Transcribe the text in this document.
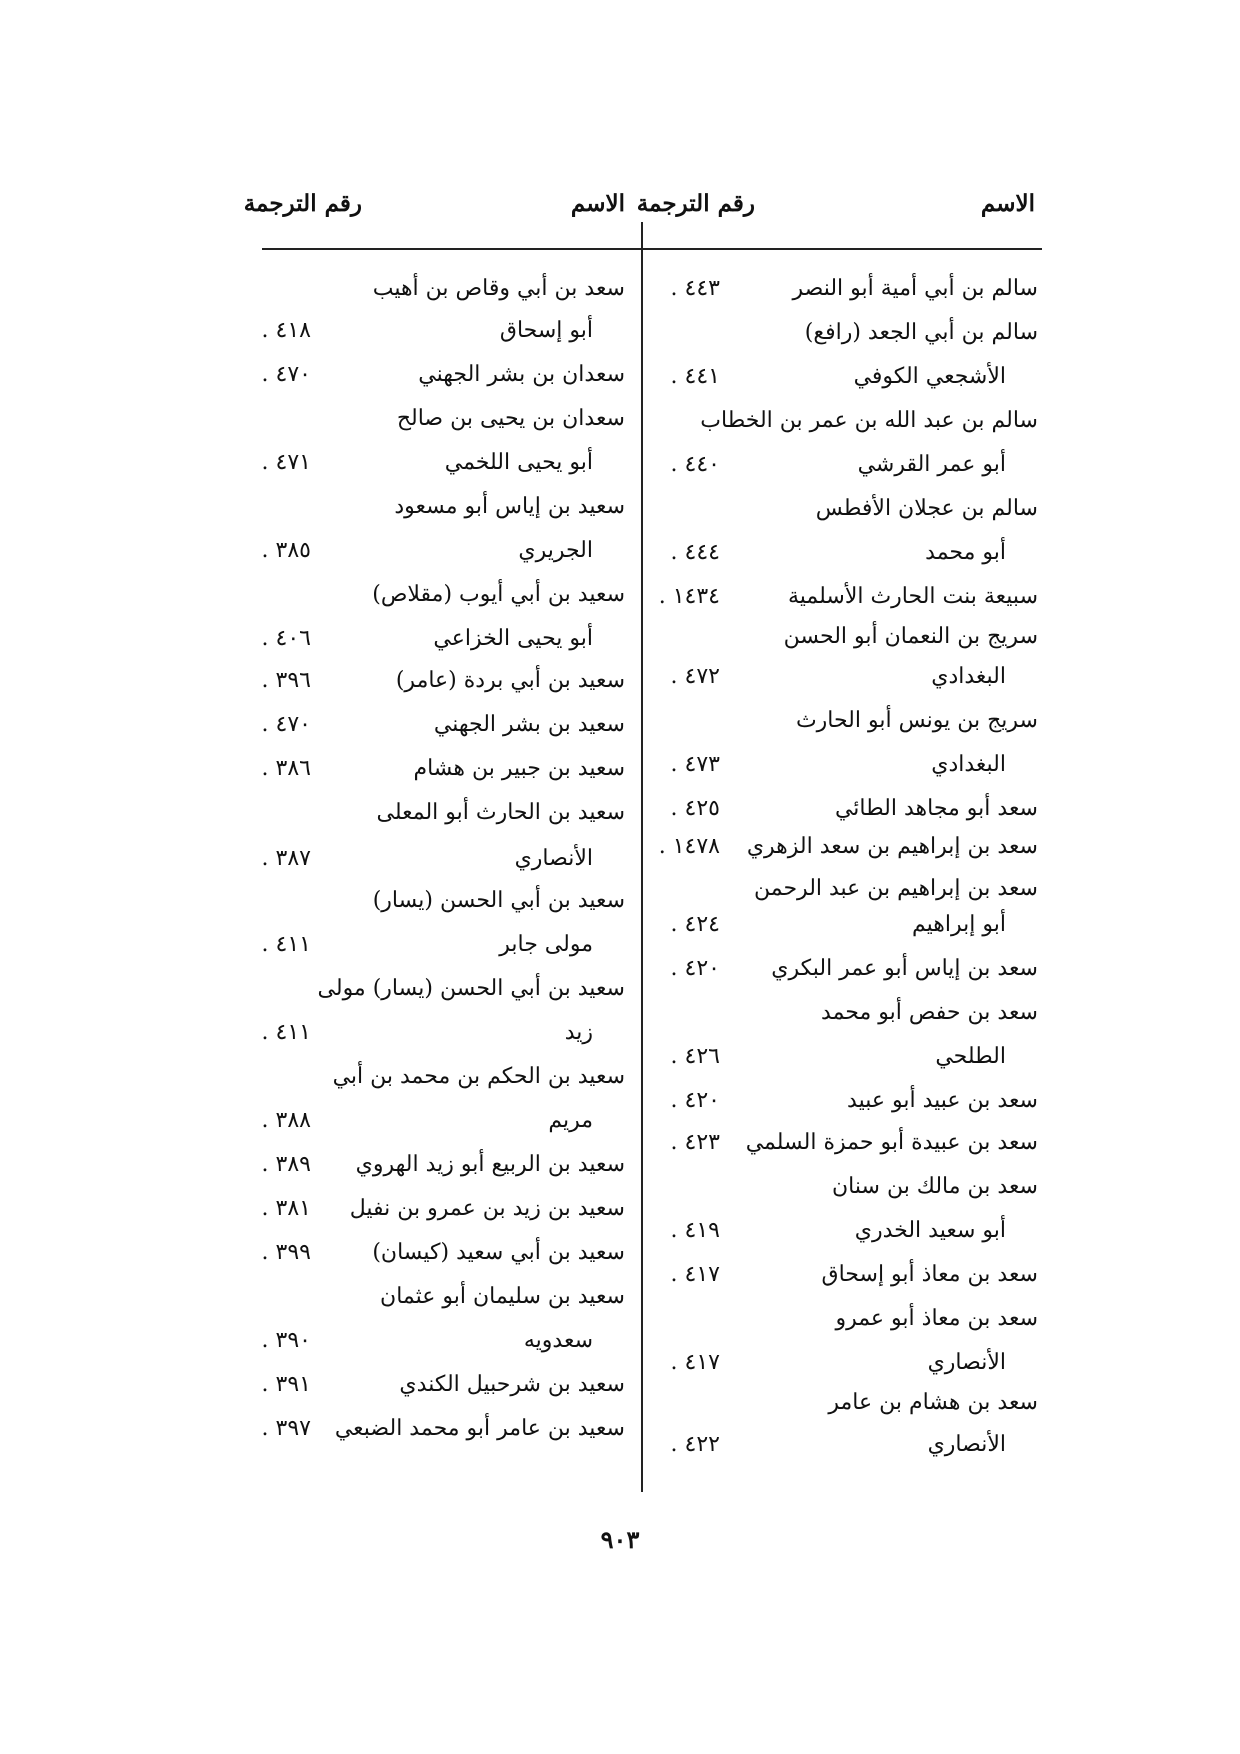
الاسم
رقم الترجمة
الاسم
رقم الترجمة
سالم بن أبي أمية أبو النصر
٤٤٣ .
سالم بن أبي الجعد (رافع)
الأشجعي الكوفي
٤٤١ .
سالم بن عبد الله بن عمر بن الخطاب
أبو عمر القرشي
٤٤٠ .
سالم بن عجلان الأفطس
أبو محمد
٤٤٤ .
سبيعة بنت الحارث الأسلمية
١٤٣٤ .
سريج بن النعمان أبو الحسن
البغدادي
٤٧٢ .
سريج بن يونس أبو الحارث
البغدادي
٤٧٣ .
سعد أبو مجاهد الطائي
٤٢٥ .
سعد بن إبراهيم بن سعد الزهري
١٤٧٨ .
سعد بن إبراهيم بن عبد الرحمن
أبو إبراهيم
٤٢٤ .
سعد بن إياس أبو عمر البكري
٤٢٠ .
سعد بن حفص أبو محمد
الطلحي
٤٢٦ .
سعد بن عبيد أبو عبيد
٤٢٠ .
سعد بن عبيدة أبو حمزة السلمي
٤٢٣ .
سعد بن مالك بن سنان
أبو سعيد الخدري
٤١٩ .
سعد بن معاذ أبو إسحاق
٤١٧ .
سعد بن معاذ أبو عمرو
الأنصاري
٤١٧ .
سعد بن هشام بن عامر
الأنصاري
٤٢٢ .
سعد بن أبي وقاص بن أهيب
أبو إسحاق
٤١٨ .
سعدان بن بشر الجهني
٤٧٠ .
سعدان بن يحيى بن صالح
أبو يحيى اللخمي
٤٧١ .
سعيد بن إياس أبو مسعود
الجريري
٣٨٥ .
سعيد بن أبي أيوب (مقلاص)
أبو يحيى الخزاعي
٤٠٦ .
سعيد بن أبي بردة (عامر)
٣٩٦ .
سعيد بن بشر الجهني
٤٧٠ .
سعيد بن جبير بن هشام
٣٨٦ .
سعيد بن الحارث أبو المعلى
الأنصاري
٣٨٧ .
سعيد بن أبي الحسن (يسار)
مولى جابر
٤١١ .
سعيد بن أبي الحسن (يسار) مولى
زيد
٤١١ .
سعيد بن الحكم بن محمد بن أبي
مريم
٣٨٨ .
سعيد بن الربيع أبو زيد الهروي
٣٨٩ .
سعيد بن زيد بن عمرو بن نفيل
٣٨١ .
سعيد بن أبي سعيد (كيسان)
٣٩٩ .
سعيد بن سليمان أبو عثمان
سعدويه
٣٩٠ .
سعيد بن شرحبيل الكندي
٣٩١ .
سعيد بن عامر أبو محمد الضبعي
٣٩٧ .
٩٠٣
